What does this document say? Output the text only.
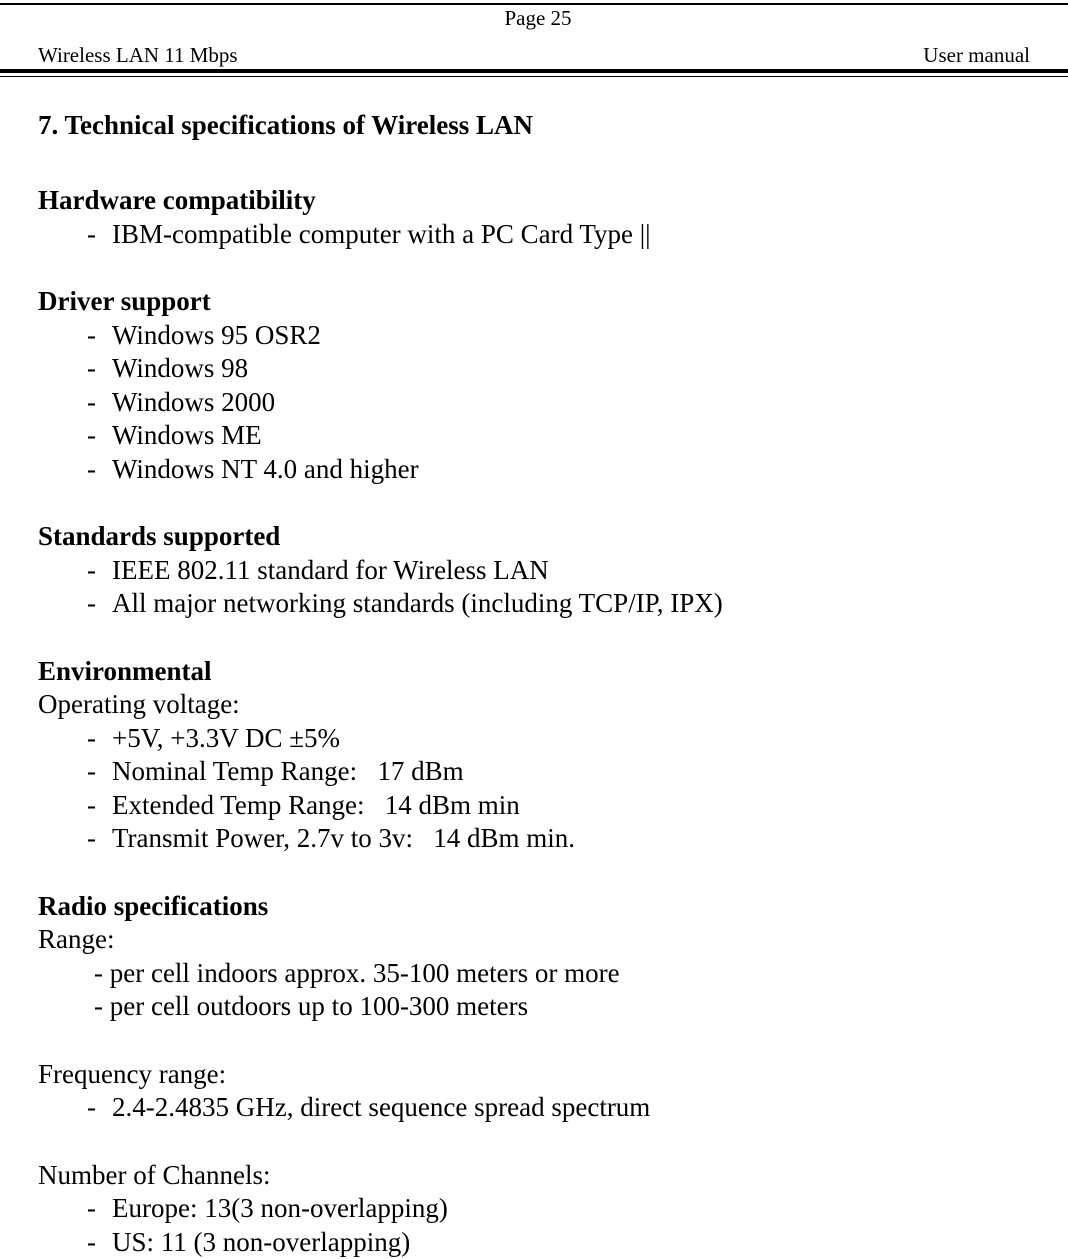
Page 25
Wireless LAN 11 Mbps	User manual
7. Technical specifications of Wireless LAN
Hardware compatibility
- IBM-compatible computer with a PC Card Type ||
Driver support
- Windows 95 OSR2
- Windows 98
- Windows 2000
- Windows ME
- Windows NT 4.0 and higher
Standards supported
- IEEE 802.11 standard for Wireless LAN
- All major networking standards (including TCP/IP, IPX)
Environmental
Operating voltage:
- +5V, +3.3V DC ±5%
- Nominal Temp Range:   17 dBm
- Extended Temp Range:   14 dBm min
- Transmit Power, 2.7v to 3v:   14 dBm min.
Radio specifications
Range:
- per cell indoors approx. 35-100 meters or more
- per cell outdoors up to 100-300 meters
Frequency range:
- 2.4-2.4835 GHz, direct sequence spread spectrum
Number of Channels:
- Europe: 13(3 non-overlapping)
- US: 11 (3 non-overlapping)
